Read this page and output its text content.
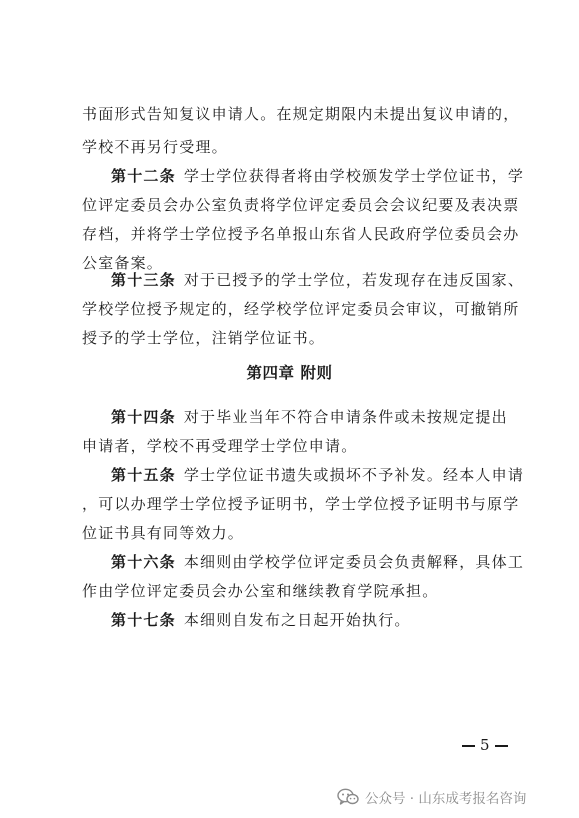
书面形式告知复议申请人。在规定期限内未提出复议申请的，
学校不再另行受理。
第十二条 学士学位获得者将由学校颁发学士学位证书，学
位评定委员会办公室负责将学位评定委员会会议纪要及表决票
存档，并将学士学位授予名单报山东省人民政府学位委员会办
公室备案。
第十三条 对于已授予的学士学位，若发现存在违反国家、
学校学位授予规定的，经学校学位评定委员会审议，可撤销所
授予的学士学位，注销学位证书。
第四章 附则
第十四条 对于毕业当年不符合申请条件或未按规定提出
申请者，学校不再受理学士学位申请。
第十五条 学士学位证书遗失或损坏不予补发。经本人申请
，可以办理学士学位授予证明书，学士学位授予证明书与原学
位证书具有同等效力。
第十六条 本细则由学校学位评定委员会负责解释，具体工
作由学位评定委员会办公室和继续教育学院承担。
第十七条 本细则自发布之日起开始执行。
5
公众号 · 山东成考报名咨询
